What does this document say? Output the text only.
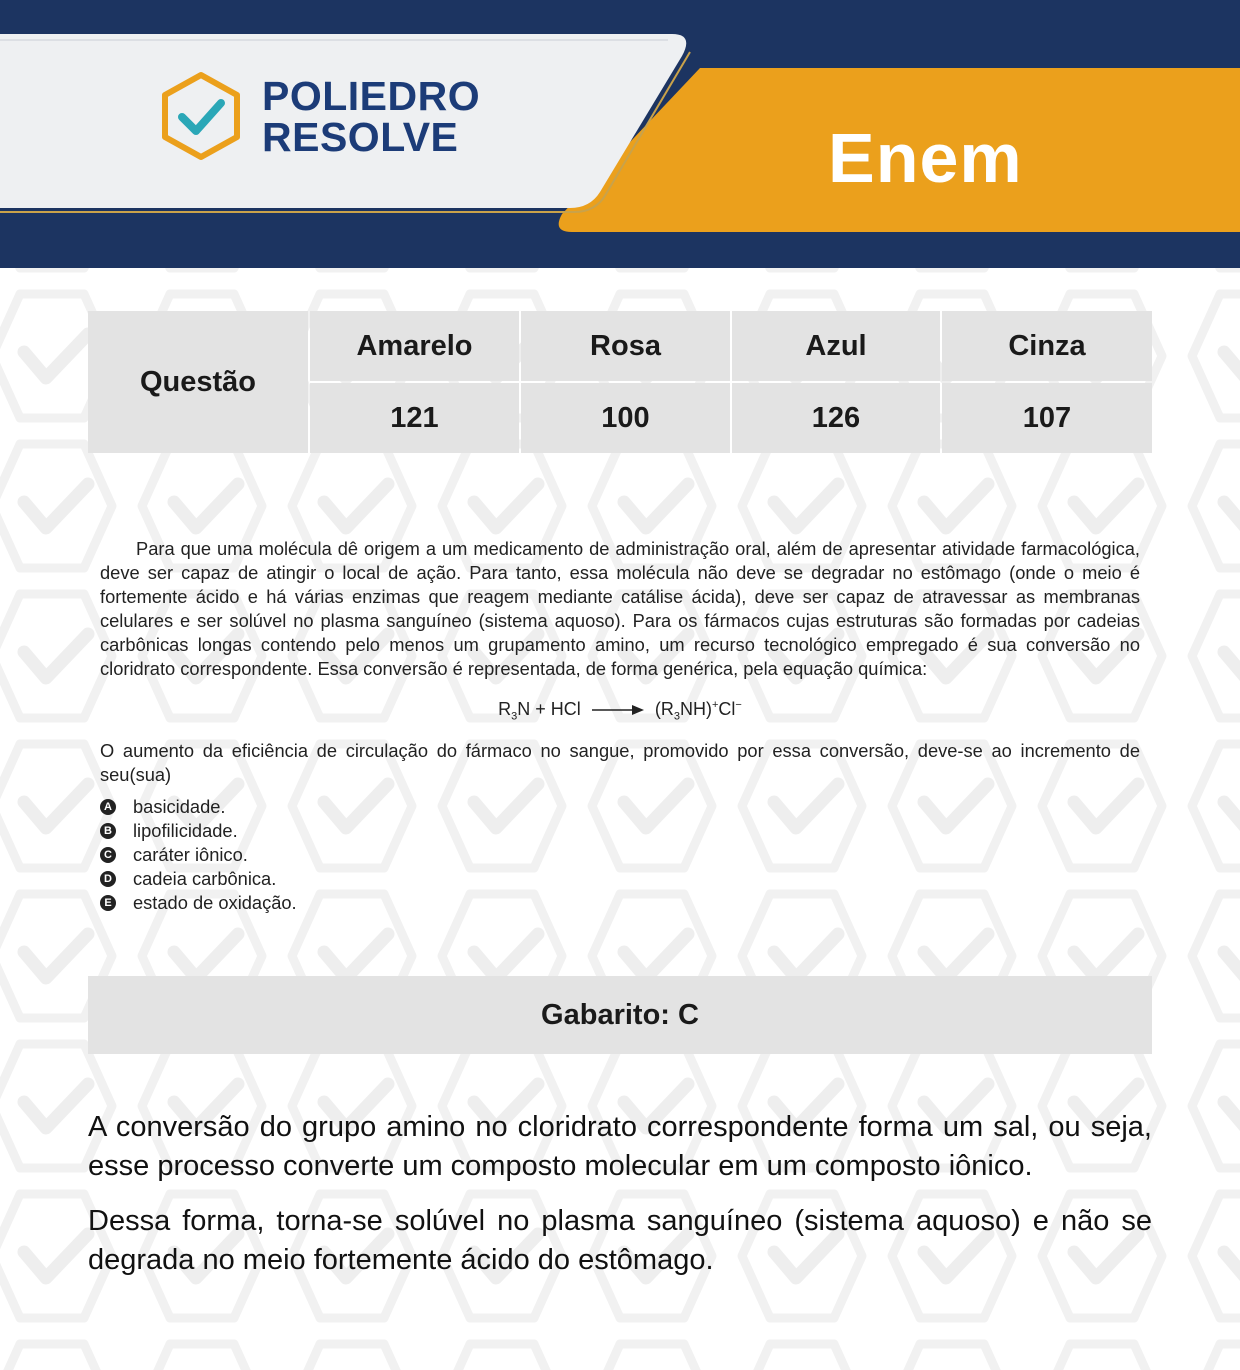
POLIEDRO
RESOLVE	Enem
Questão
Amarelo	Rosa	Azul	Cinza
121	100	126	107

Para que uma molécula dê origem a um medicamento de administração oral, além de apresentar atividade farmacológica, deve ser capaz de atingir o local de ação. Para tanto, essa molécula não deve se degradar no estômago (onde o meio é fortemente ácido e há várias enzimas que reagem mediante catálise ácida), deve ser capaz de atravessar as membranas celulares e ser solúvel no plasma sanguíneo (sistema aquoso). Para os fármacos cujas estruturas são formadas por cadeias carbônicas longas contendo pelo menos um grupamento amino, um recurso tecnológico empregado é sua conversão no cloridrato correspondente. Essa conversão é representada, de forma genérica, pela equação química:

$R_3N$ + HCl → $(R_3NH)^+Cl^-$

O aumento da eficiência de circulação do fármaco no sangue, promovido por essa conversão, deve-se ao incremento de seu(sua)

A basicidade.
B lipofilicidade.
C caráter iônico.
D cadeia carbônica.
E estado de oxidação.
Gabarito: C

A conversão do grupo amino no cloridrato correspondente forma um sal, ou seja, esse processo converte um composto molecular em um composto iônico.

Dessa forma, torna-se solúvel no plasma sanguíneo (sistema aquoso) e não se degrada no meio fortemente ácido do estômago.
